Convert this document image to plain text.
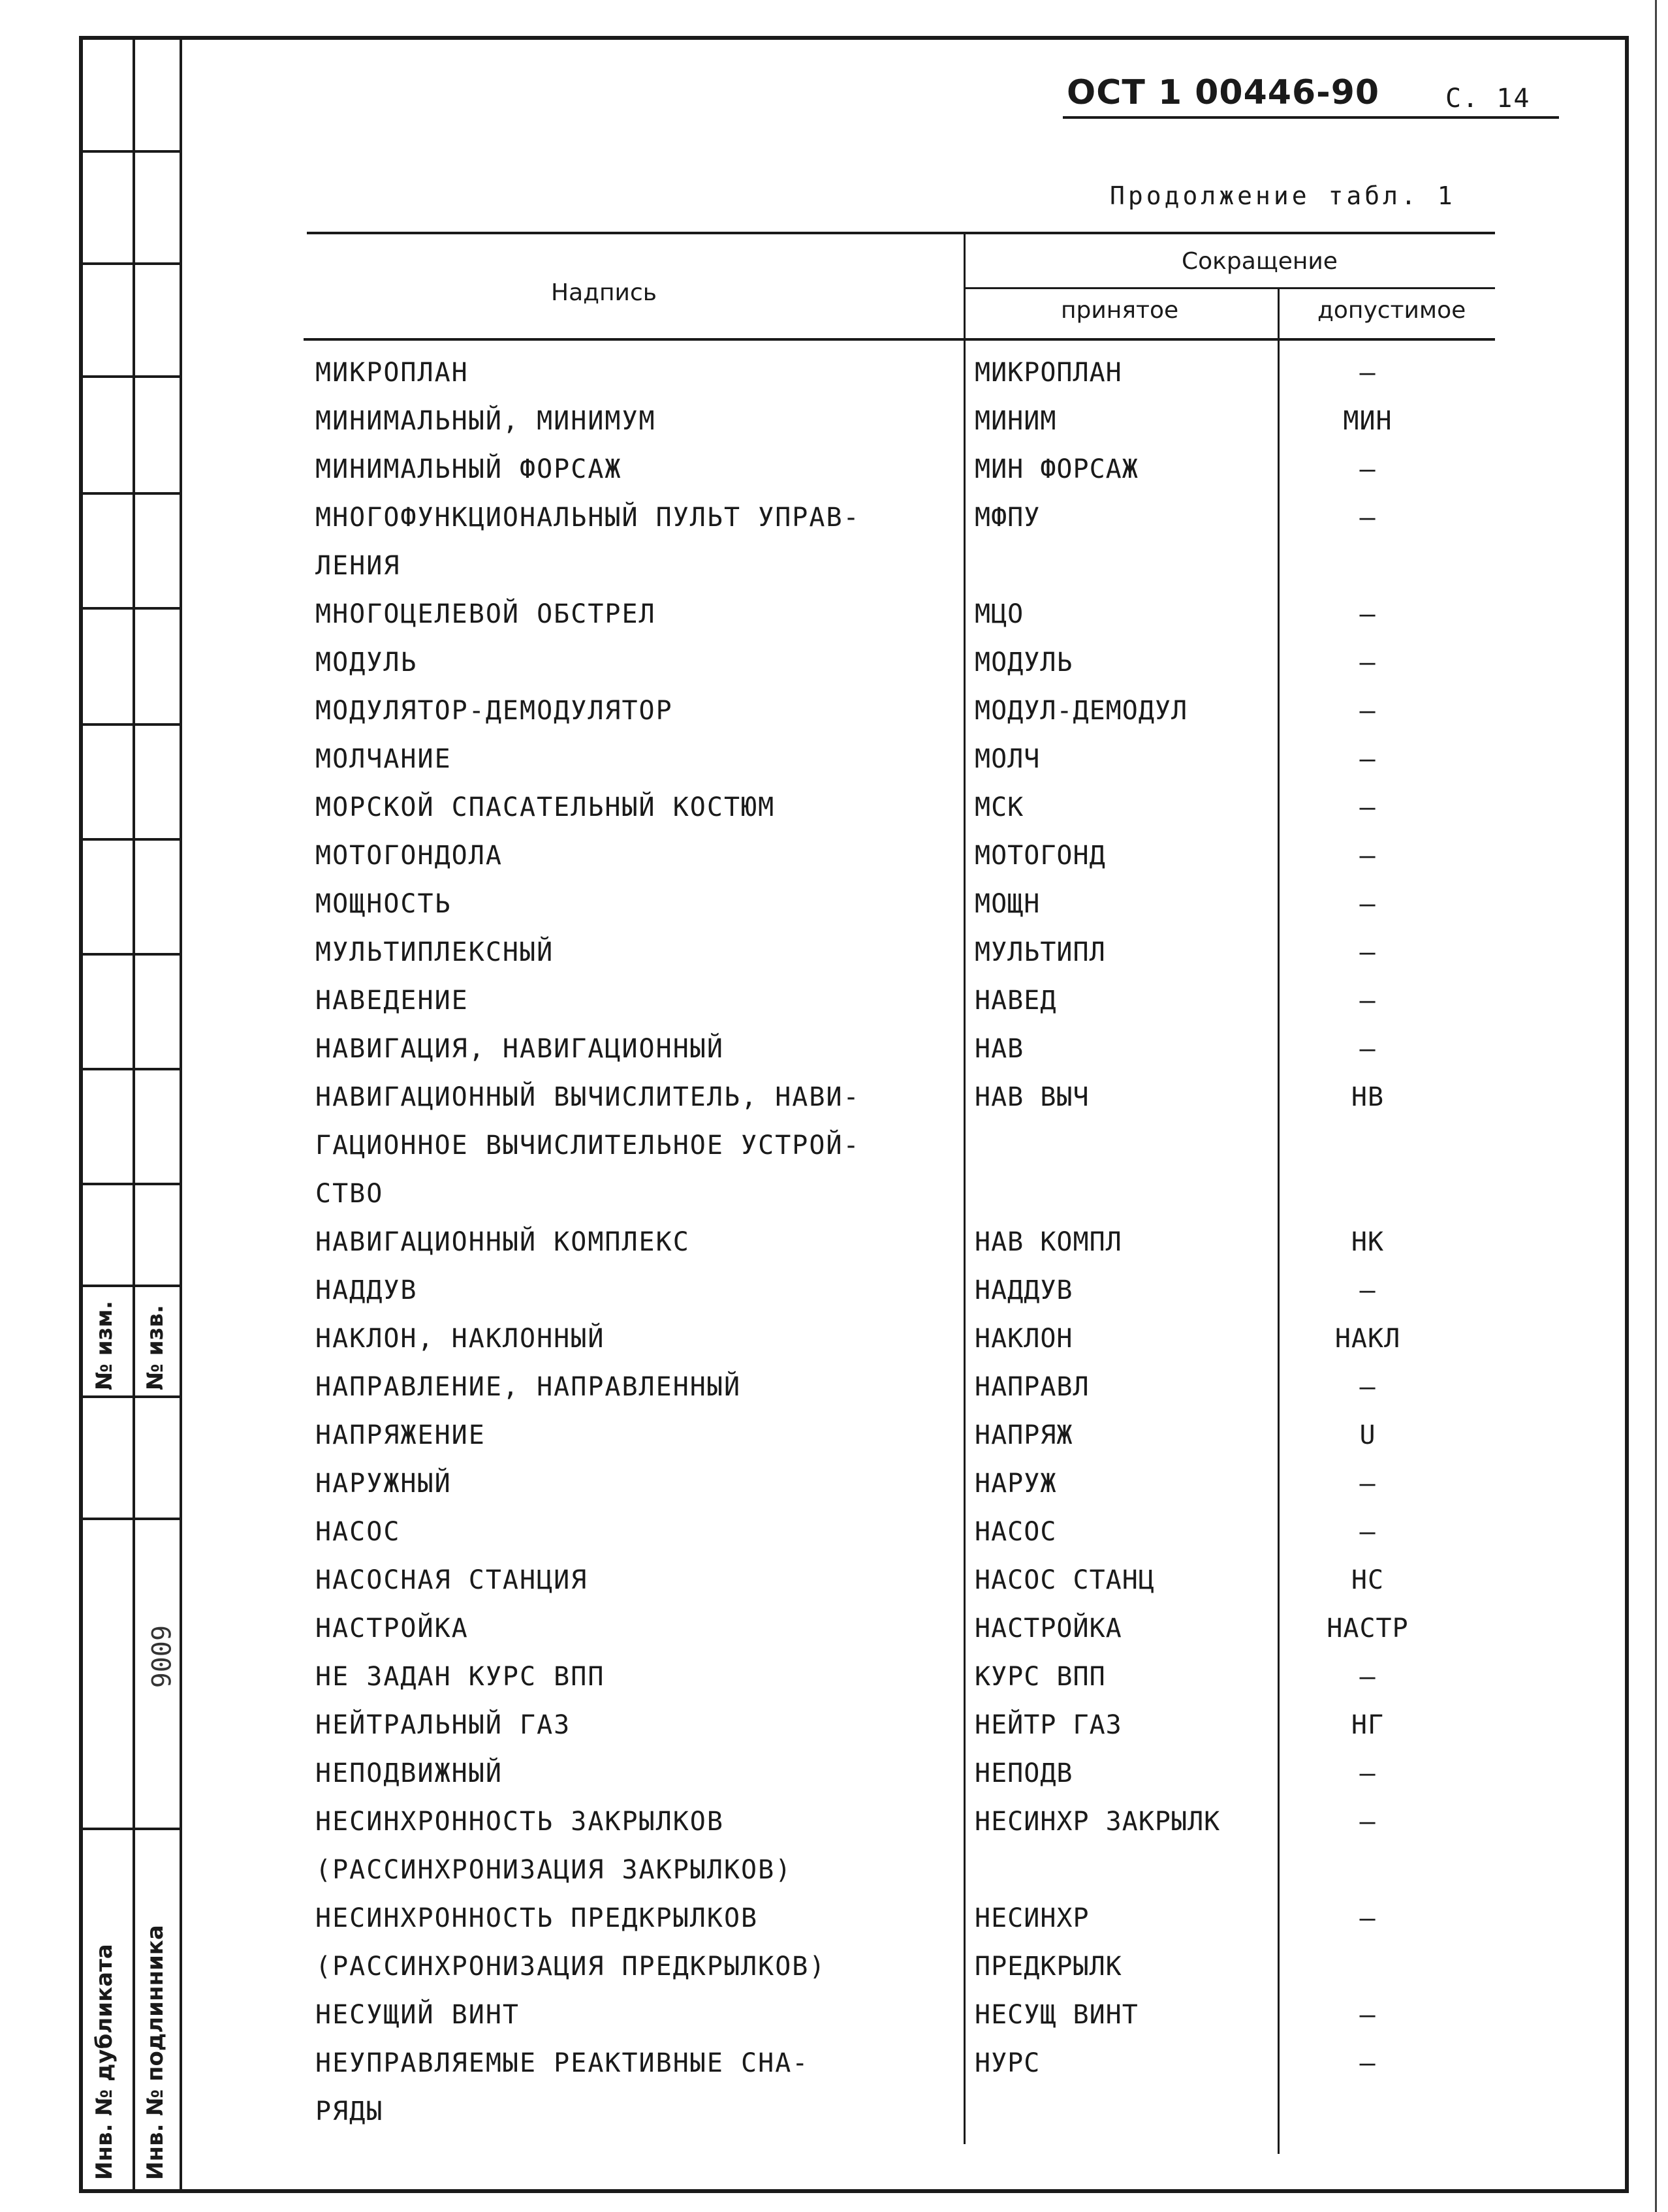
№ изм. № изв.
Инв. № дубликата Инв. № подлинника
6006
ОСТ 1 00446-90	С. 14
Продолжение табл. 1
Надпись
Сокращение
принятое	допустимое
МИКРОПЛАН	МИКРОПЛАН	–
МИНИМАЛЬНЫЙ, МИНИМУМ	МИНИМ	МИН
МИНИМАЛЬНЫЙ ФОРСАЖ	МИН ФОРСАЖ	–
МНОГОФУНКЦИОНАЛЬНЫЙ ПУЛЬТ УПРАВ-	МФПУ	–
ЛЕНИЯ
МНОГОЦЕЛЕВОЙ ОБСТРЕЛ	МЦО	–
МОДУЛЬ	МОДУЛЬ	–
МОДУЛЯТОР-ДЕМОДУЛЯТОР	МОДУЛ-ДЕМОДУЛ	–
МОЛЧАНИЕ	МОЛЧ	–
МОРСКОЙ СПАСАТЕЛЬНЫЙ КОСТЮМ	МСК	–
МОТОГОНДОЛА	МОТОГОНД	–
МОЩНОСТЬ	МОЩН	–
МУЛЬТИПЛЕКСНЫЙ	МУЛЬТИПЛ	–
НАВЕДЕНИЕ	НАВЕД	–
НАВИГАЦИЯ, НАВИГАЦИОННЫЙ	НАВ	–
НАВИГАЦИОННЫЙ ВЫЧИСЛИТЕЛЬ, НАВИ-	НАВ ВЫЧ	НВ
ГАЦИОННОЕ ВЫЧИСЛИТЕЛЬНОЕ УСТРОЙ-
СТВО
НАВИГАЦИОННЫЙ КОМПЛЕКС	НАВ КОМПЛ	НК
НАДДУВ	НАДДУВ	–
НАКЛОН, НАКЛОННЫЙ	НАКЛОН	НАКЛ
НАПРАВЛЕНИЕ, НАПРАВЛЕННЫЙ	НАПРАВЛ	–
НАПРЯЖЕНИЕ	НАПРЯЖ	U
НАРУЖНЫЙ	НАРУЖ	–
НАСОС	НАСОС	–
НАСОСНАЯ СТАНЦИЯ	НАСОС СТАНЦ	НС
НАСТРОЙКА	НАСТРОЙКА	НАСТР
НЕ ЗАДАН КУРС ВПП	КУРС ВПП	–
НЕЙТРАЛЬНЫЙ ГАЗ	НЕЙТР ГАЗ	НГ
НЕПОДВИЖНЫЙ	НЕПОДВ	–
НЕСИНХРОННОСТЬ ЗАКРЫЛКОВ	НЕСИНХР ЗАКРЫЛК	–
(РАССИНХРОНИЗАЦИЯ ЗАКРЫЛКОВ)
НЕСИНХРОННОСТЬ ПРЕДКРЫЛКОВ	НЕСИНХР	–
(РАССИНХРОНИЗАЦИЯ ПРЕДКРЫЛКОВ)	ПРЕДКРЫЛК
НЕСУЩИЙ ВИНТ	НЕСУЩ ВИНТ	–
НЕУПРАВЛЯЕМЫЕ РЕАКТИВНЫЕ СНА-	НУРС	–
РЯДЫ
